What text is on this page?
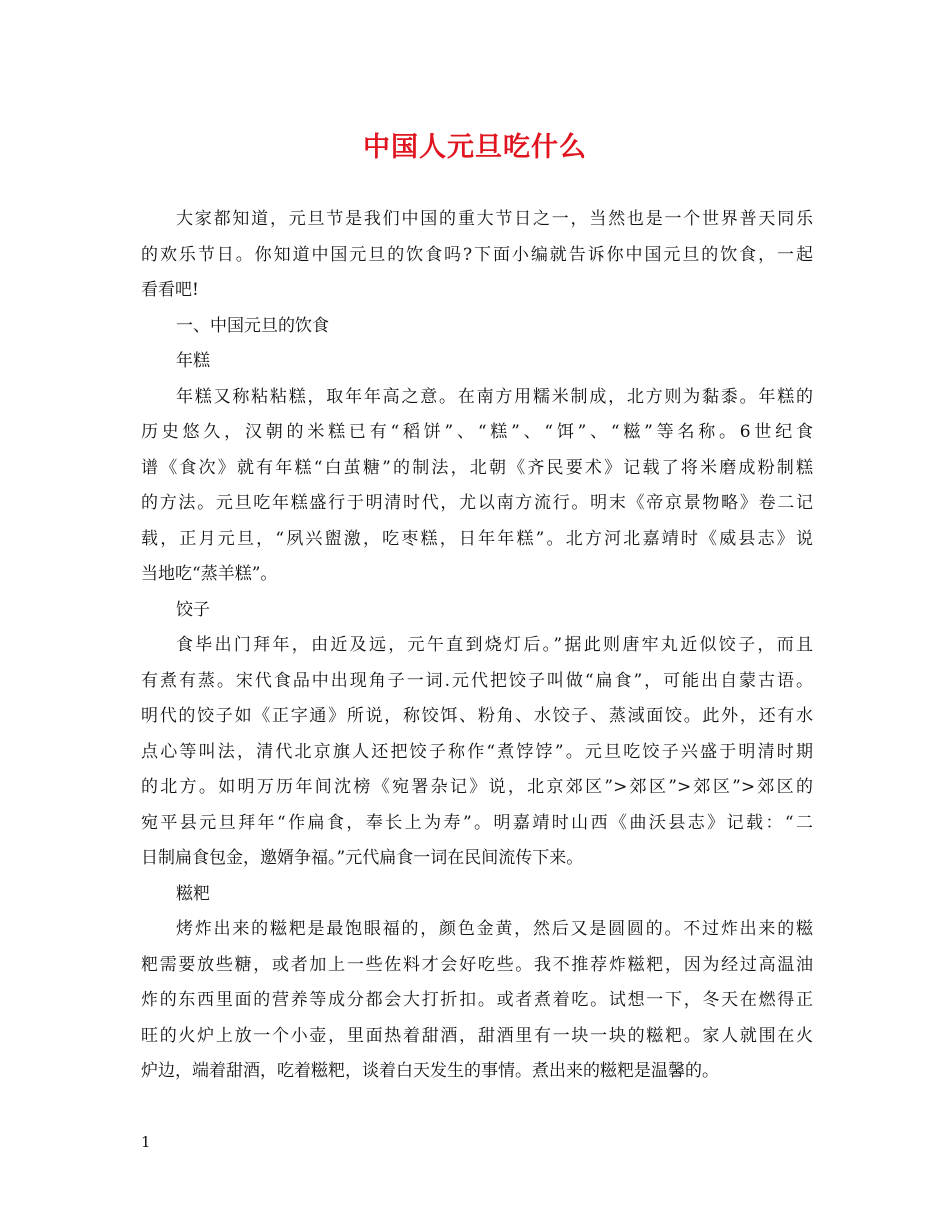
中国人元旦吃什么
大家都知道，元旦节是我们中国的重大节日之一，当然也是一个世界普天同乐
的欢乐节日。你知道中国元旦的饮食吗?下面小编就告诉你中国元旦的饮食，一起
看看吧!
一、中国元旦的饮食
年糕
年糕又称粘粘糕，取年年高之意。在南方用糯米制成，北方则为黏黍。年糕的
历史悠久，汉朝的米糕已有“稻饼”、“糕”、“饵”、“糍”等名称。6世纪食
谱《食次》就有年糕“白茧糖”的制法，北朝《齐民要术》记载了将米磨成粉制糕
的方法。元旦吃年糕盛行于明清时代，尤以南方流行。明末《帝京景物略》卷二记
载，正月元旦，“夙兴盥激，吃枣糕，日年年糕”。北方河北嘉靖时《威县志》说
当地吃“蒸羊糕”。
饺子
食毕出门拜年，由近及远，元午直到烧灯后。”据此则唐牢丸近似饺子，而且
有煮有蒸。宋代食品中出现角子一词.元代把饺子叫做“扁食”，可能出自蒙古语。
明代的饺子如《正字通》所说，称饺饵、粉角、水饺子、蒸淢面饺。此外，还有水
点心等叫法，清代北京旗人还把饺子称作“煮饽饽”。元旦吃饺子兴盛于明清时期
的北方。如明万历年间沈榜《宛署杂记》说，北京郊区”>郊区”>郊区”>郊区的
宛平县元旦拜年“作扁食，奉长上为寿”。明嘉靖时山西《曲沃县志》记载：“二
日制扁食包金，邀婿争福。”元代扁食一词在民间流传下来。
糍粑
烤炸出来的糍粑是最饱眼福的，颜色金黄，然后又是圆圆的。不过炸出来的糍
粑需要放些糖，或者加上一些佐料才会好吃些。我不推荐炸糍粑，因为经过高温油
炸的东西里面的营养等成分都会大打折扣。或者煮着吃。试想一下，冬天在燃得正
旺的火炉上放一个小壶，里面热着甜酒，甜酒里有一块一块的糍粑。家人就围在火
炉边，端着甜酒，吃着糍粑，谈着白天发生的事情。煮出来的糍粑是温馨的。
1
